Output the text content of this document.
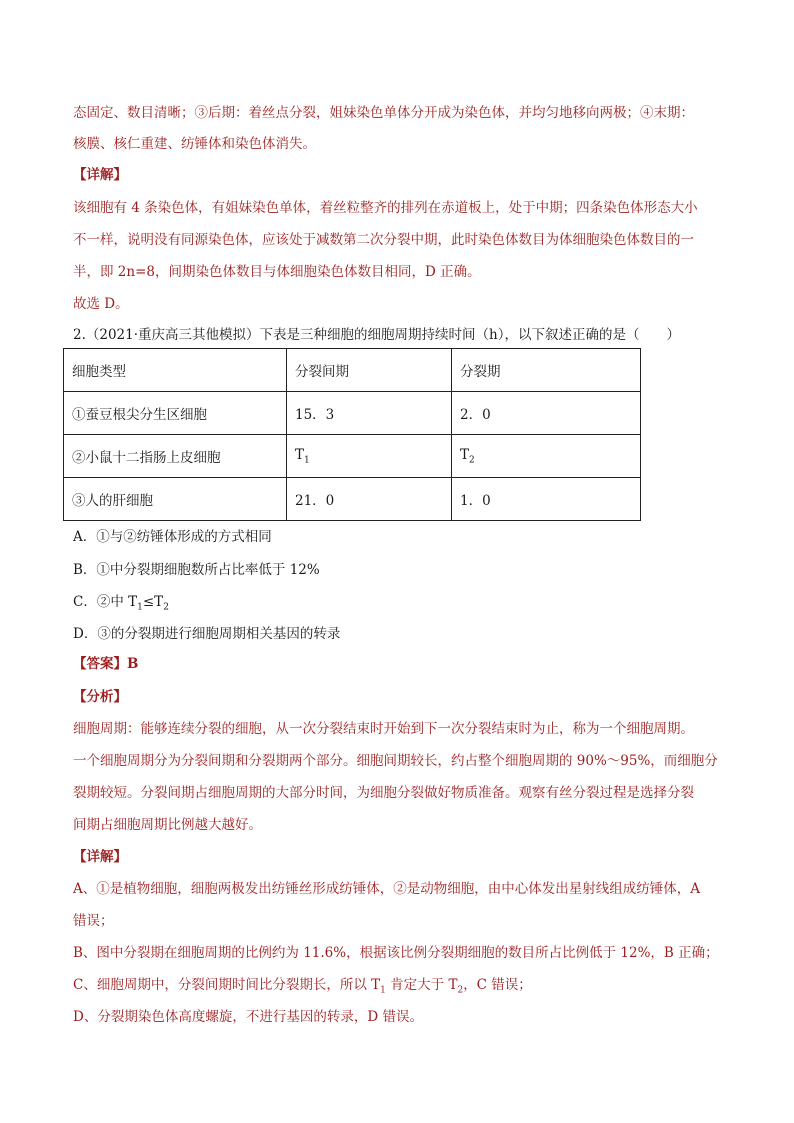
态固定、数目清晰；③后期：着丝点分裂，姐妹染色单体分开成为染色体，并均匀地移向两极；④末期：
核膜、核仁重建、纺锤体和染色体消失。
【详解】
该细胞有 4 条染色体，有姐妹染色单体，着丝粒整齐的排列在赤道板上，处于中期；四条染色体形态大小
不一样，说明没有同源染色体，应该处于减数第二次分裂中期，此时染色体数目为体细胞染色体数目的一
半，即 2n=8，间期染色体数目与体细胞染色体数目相同，D 正确。
故选 D。
2.（2021·重庆高三其他模拟）下表是三种细胞的细胞周期持续时间（h），以下叙述正确的是（　　）
细胞类型	分裂间期	分裂期
①蚕豆根尖分生区细胞	15．3	2．0
②小鼠十二指肠上皮细胞	$T_1$	$T_2$
③人的肝细胞	21．0	1．0
A．①与②纺锤体形成的方式相同
B．①中分裂期细胞数所占比率低于 12%
C．②中 $T_1\le T_2$
D．③的分裂期进行细胞周期相关基因的转录
【答案】B
【分析】
细胞周期：能够连续分裂的细胞，从一次分裂结束时开始到下一次分裂结束时为止，称为一个细胞周期。
一个细胞周期分为分裂间期和分裂期两个部分。细胞间期较长，约占整个细胞周期的 90%～95%，而细胞分
裂期较短。分裂间期占细胞周期的大部分时间，为细胞分裂做好物质准备。观察有丝分裂过程是选择分裂
间期占细胞周期比例越大越好。
【详解】
A、①是植物细胞，细胞两极发出纺锤丝形成纺锤体，②是动物细胞，由中心体发出星射线组成纺锤体，A
错误；
B、图中分裂期在细胞周期的比例约为 11.6%，根据该比例分裂期细胞的数目所占比例低于 12%，B 正确；
C、细胞周期中，分裂间期时间比分裂期长，所以 $T_1$ 肯定大于 $T_2$，C 错误；
D、分裂期染色体高度螺旋，不进行基因的转录，D 错误。
